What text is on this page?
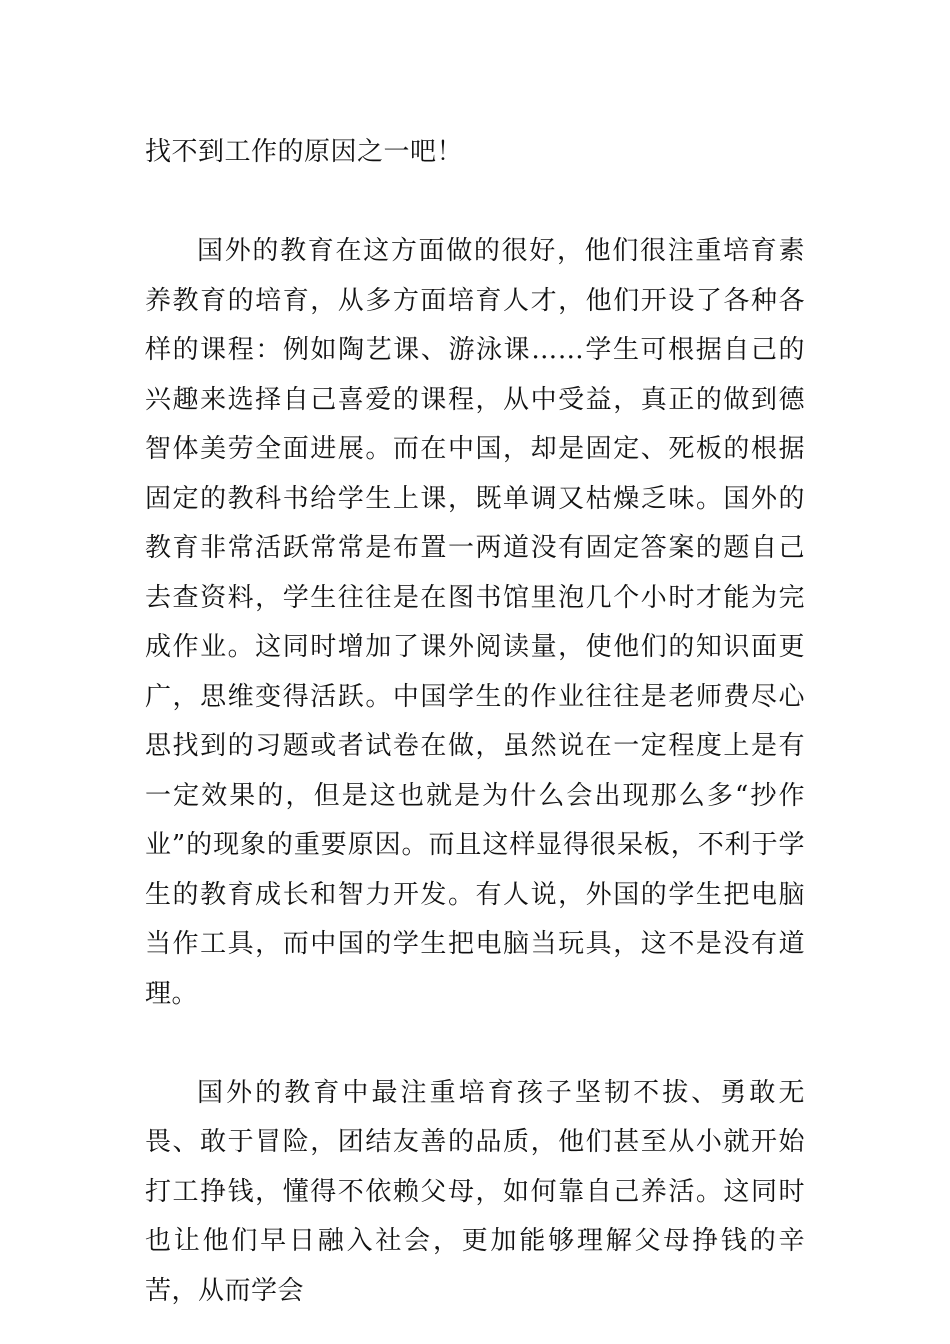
找不到工作的原因之一吧！

国外的教育在这方面做的很好，他们很注重培育素养教育的培育，从多方面培育人才，他们开设了各种各样的课程：例如陶艺课、游泳课……学生可根据自己的兴趣来选择自己喜爱的课程，从中受益，真正的做到德智体美劳全面进展。而在中国，却是固定、死板的根据固定的教科书给学生上课，既单调又枯燥乏味。国外的教育非常活跃常常是布置一两道没有固定答案的题自己去查资料，学生往往是在图书馆里泡几个小时才能为完成作业。这同时增加了课外阅读量，使他们的知识面更广，思维变得活跃。中国学生的作业往往是老师费尽心思找到的习题或者试卷在做，虽然说在一定程度上是有一定效果的，但是这也就是为什么会出现那么多“抄作业”的现象的重要原因。而且这样显得很呆板，不利于学生的教育成长和智力开发。有人说，外国的学生把电脑当作工具，而中国的学生把电脑当玩具，这不是没有道理。

国外的教育中最注重培育孩子坚韧不拔、勇敢无畏、敢于冒险，团结友善的品质，他们甚至从小就开始打工挣钱，懂得不依赖父母，如何靠自己养活。这同时也让他们早日融入社会，更加能够理解父母挣钱的辛苦，从而学会
